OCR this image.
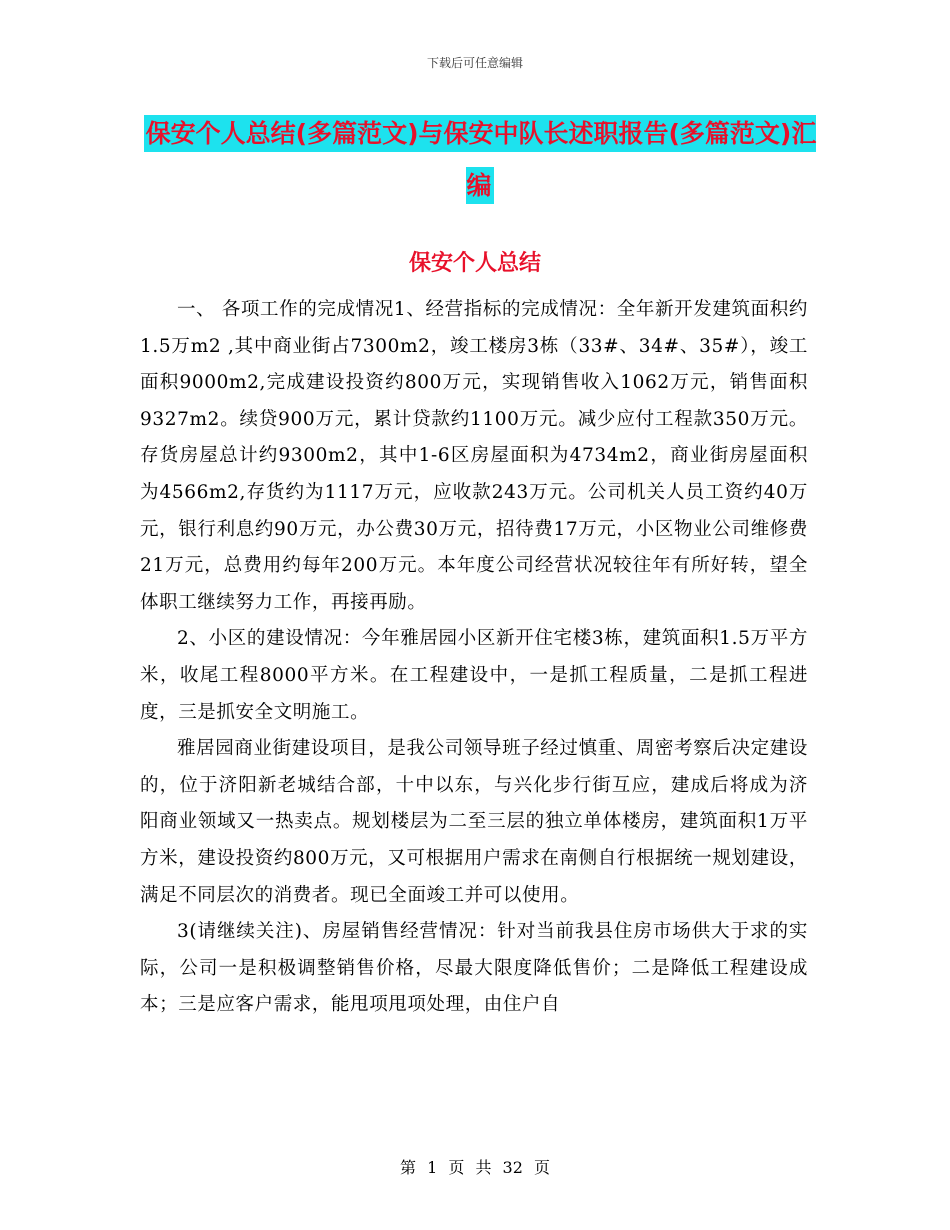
下载后可任意编辑
保安个人总结(多篇范文)与保安中队长述职报告(多篇范文)汇编
保安个人总结

一、 各项工作的完成情况1、经营指标的完成情况：全年新开发建筑面积约1.5万m2 ,其中商业街占7300m2，竣工楼房3栋（33#、34#、35#），竣工面积9000m2,完成建设投资约800万元，实现销售收入1062万元，销售面积9327m2。续贷900万元，累计贷款约1100万元。减少应付工程款350万元。存货房屋总计约9300m2，其中1-6区房屋面积为4734m2，商业街房屋面积为4566m2,存货约为1117万元，应收款243万元。公司机关人员工资约40万元，银行利息约90万元，办公费30万元，招待费17万元，小区物业公司维修费21万元，总费用约每年200万元。本年度公司经营状况较往年有所好转，望全体职工继续努力工作，再接再励。

2、小区的建设情况：今年雅居园小区新开住宅楼3栋，建筑面积1.5万平方米，收尾工程8000平方米。在工程建设中，一是抓工程质量，二是抓工程进度，三是抓安全文明施工。

雅居园商业街建设项目，是我公司领导班子经过慎重、周密考察后决定建设的，位于济阳新老城结合部，十中以东，与兴化步行街互应，建成后将成为济阳商业领域又一热卖点。规划楼层为二至三层的独立单体楼房，建筑面积1万平方米，建设投资约800万元，又可根据用户需求在南侧自行根据统一规划建设，满足不同层次的消费者。现已全面竣工并可以使用。

3(请继续关注)、房屋销售经营情况：针对当前我县住房市场供大于求的实际，公司一是积极调整销售价格，尽最大限度降低售价；二是降低工程建设成本；三是应客户需求，能甩项甩项处理，由住户自

第 1 页 共 32 页
